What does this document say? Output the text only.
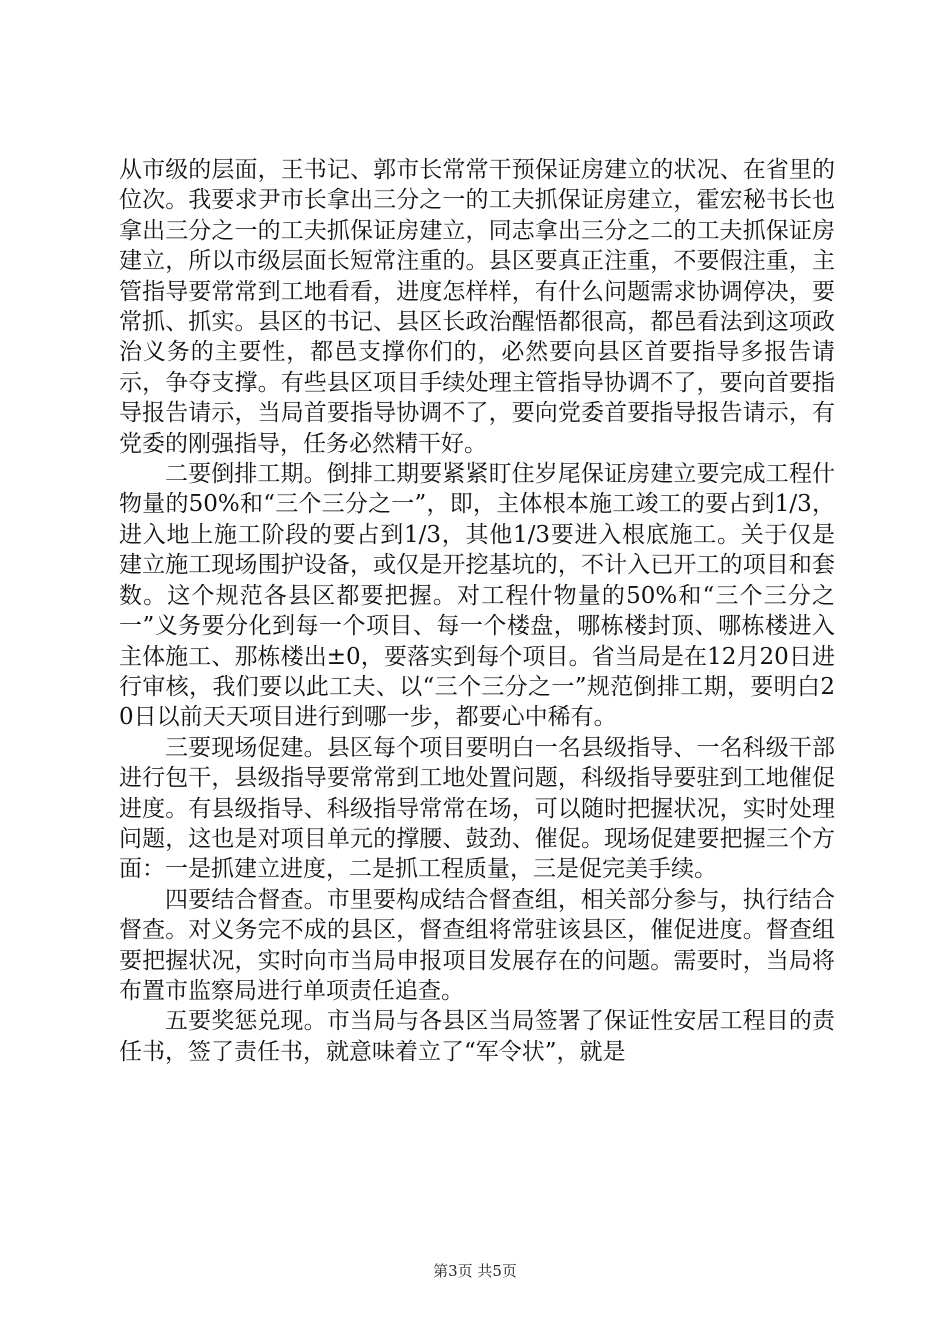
从市级的层面，王书记、郭市长常常干预保证房建立的状况、在省里的位次。我要求尹市长拿出三分之一的工夫抓保证房建立，霍宏秘书长也拿出三分之一的工夫抓保证房建立，同志拿出三分之二的工夫抓保证房建立，所以市级层面长短常注重的。县区要真正注重，不要假注重，主管指导要常常到工地看看，进度怎样样，有什么问题需求协调停决，要常抓、抓实。县区的书记、县区长政治醒悟都很高，都邑看法到这项政治义务的主要性，都邑支撑你们的，必然要向县区首要指导多报告请示，争夺支撑。有些县区项目手续处理主管指导协调不了，要向首要指导报告请示，当局首要指导协调不了，要向党委首要指导报告请示，有党委的刚强指导，任务必然精干好。

二要倒排工期。倒排工期要紧紧盯住岁尾保证房建立要完成工程什物量的50%和“三个三分之一”，即，主体根本施工竣工的要占到1/3，进入地上施工阶段的要占到1/3，其他1/3要进入根底施工。关于仅是建立施工现场围护设备，或仅是开挖基坑的，不计入已开工的项目和套数。这个规范各县区都要把握。对工程什物量的50%和“三个三分之一”义务要分化到每一个项目、每一个楼盘，哪栋楼封顶、哪栋楼进入主体施工、那栋楼出±0，要落实到每个项目。省当局是在12月20日进行审核，我们要以此工夫、以“三个三分之一”规范倒排工期，要明白20日以前天天项目进行到哪一步，都要心中稀有。

三要现场促建。县区每个项目要明白一名县级指导、一名科级干部进行包干，县级指导要常常到工地处置问题，科级指导要驻到工地催促进度。有县级指导、科级指导常常在场，可以随时把握状况，实时处理问题，这也是对项目单元的撑腰、鼓劲、催促。现场促建要把握三个方面：一是抓建立进度，二是抓工程质量，三是促完美手续。

四要结合督查。市里要构成结合督查组，相关部分参与，执行结合督查。对义务完不成的县区，督查组将常驻该县区，催促进度。督查组要把握状况，实时向市当局申报项目发展存在的问题。需要时，当局将布置市监察局进行单项责任追查。

五要奖惩兑现。市当局与各县区当局签署了保证性安居工程目的责任书，签了责任书，就意味着立了“军令状”，就是

第3页 共5页
